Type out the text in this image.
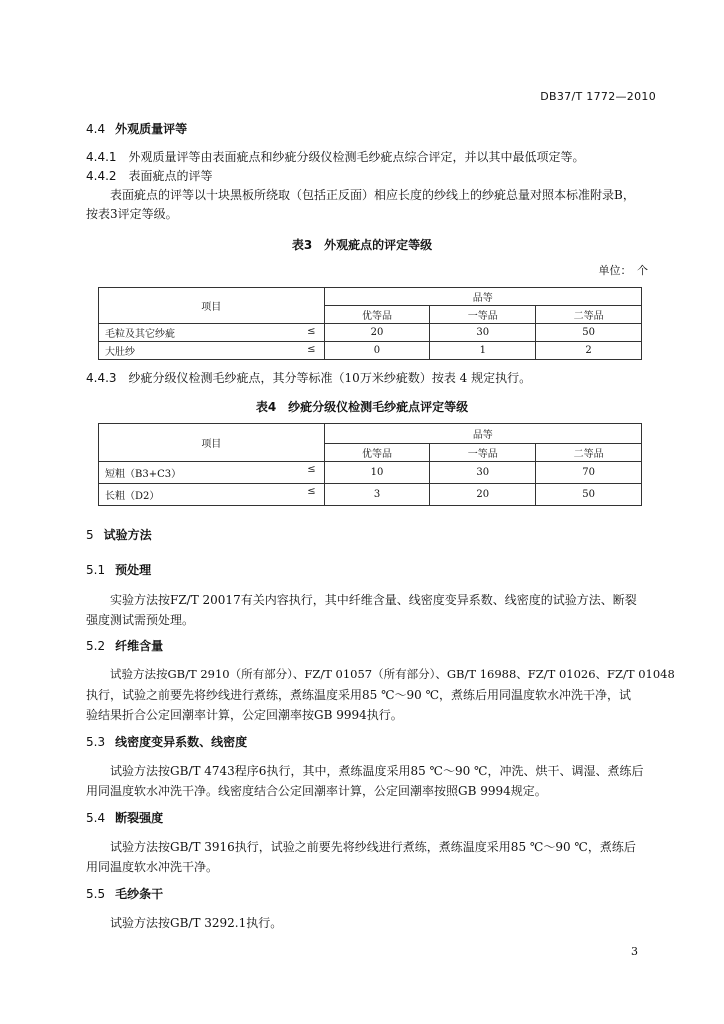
DB37/T 1772—2010
4.4 外观质量评等
4.4.1 外观质量评等由表面疵点和纱疵分级仪检测毛纱疵点综合评定，并以其中最低项定等。
4.4.2 表面疵点的评等
表面疵点的评等以十块黑板所绕取（包括正反面）相应长度的纱线上的纱疵总量对照本标准附录B，
按表3评定等级。
表3　外观疵点的评定等级
单位：　个
项目	品等		
	优等品	一等品	二等品
毛粒及其它纱疵 ≤	20	30	50
大肚纱 ≤	0	1	2
4.4.3 纱疵分级仪检测毛纱疵点，其分等标准（10万米纱疵数）按表 4 规定执行。
表4　纱疵分级仪检测毛纱疵点评定等级
项目	品等		
	优等品	一等品	二等品
短粗（B3+C3） ≤	10	30	70
长粗（D2） ≤	3	20	50
5 试验方法
5.1 预处理
实验方法按FZ/T 20017有关内容执行，其中纤维含量、线密度变异系数、线密度的试验方法、断裂
强度测试需预处理。
5.2 纤维含量
试验方法按GB/T 2910（所有部分）、FZ/T 01057（所有部分）、GB/T 16988、FZ/T 01026、FZ/T 01048
执行，试验之前要先将纱线进行煮练，煮练温度采用85 ℃～90 ℃，煮练后用同温度软水冲洗干净，试
验结果折合公定回潮率计算，公定回潮率按GB 9994执行。
5.3 线密度变异系数、线密度
试验方法按GB/T 4743程序6执行，其中，煮练温度采用85 ℃～90 ℃，冲洗、烘干、调湿、煮练后
用同温度软水冲洗干净。线密度结合公定回潮率计算，公定回潮率按照GB 9994规定。
5.4 断裂强度
试验方法按GB/T 3916执行，试验之前要先将纱线进行煮练，煮练温度采用85 ℃～90 ℃，煮练后
用同温度软水冲洗干净。
5.5 毛纱条干
试验方法按GB/T 3292.1执行。
3
